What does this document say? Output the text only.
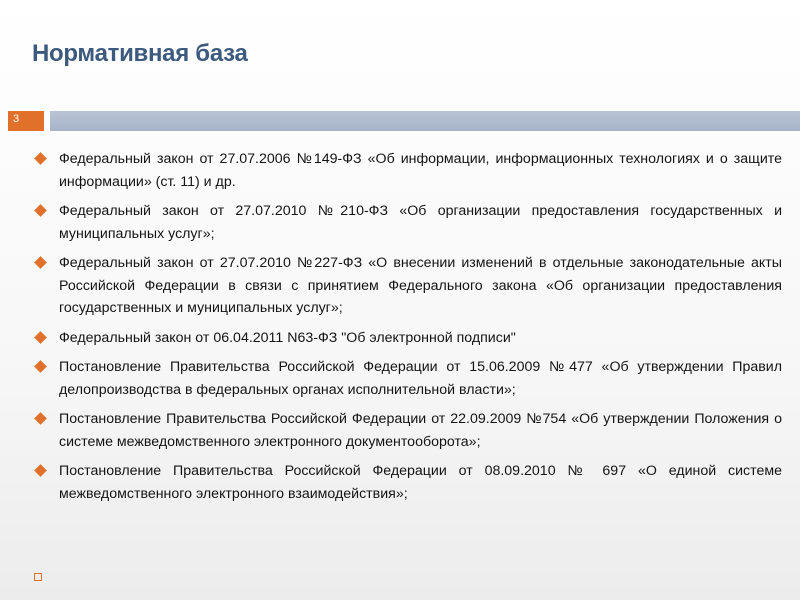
Нормативная база
3
Федеральный закон от 27.07.2006 №149-ФЗ «Об информации, информационных технологиях и о защите информации» (ст. 11) и др.
Федеральный закон от 27.07.2010 №210-ФЗ «Об организации предоставления государственных и муниципальных услуг»;
Федеральный закон от 27.07.2010 №227-ФЗ «О внесении изменений в отдельные законодательные акты Российской Федерации в связи с принятием Федерального закона «Об организации предоставления государственных и муниципальных услуг»;
Федеральный закон от 06.04.2011 N63-ФЗ "Об электронной подписи"
Постановление Правительства Российской Федерации от 15.06.2009 №477 «Об утверждении Правил делопроизводства в федеральных органах исполнительной власти»;
Постановление Правительства Российской Федерации от 22.09.2009 №754 «Об утверждении Положения о системе межведомственного электронного документооборота»;
Постановление Правительства Российской Федерации от 08.09.2010 № 697 «О единой системе межведомственного электронного взаимодействия»;
